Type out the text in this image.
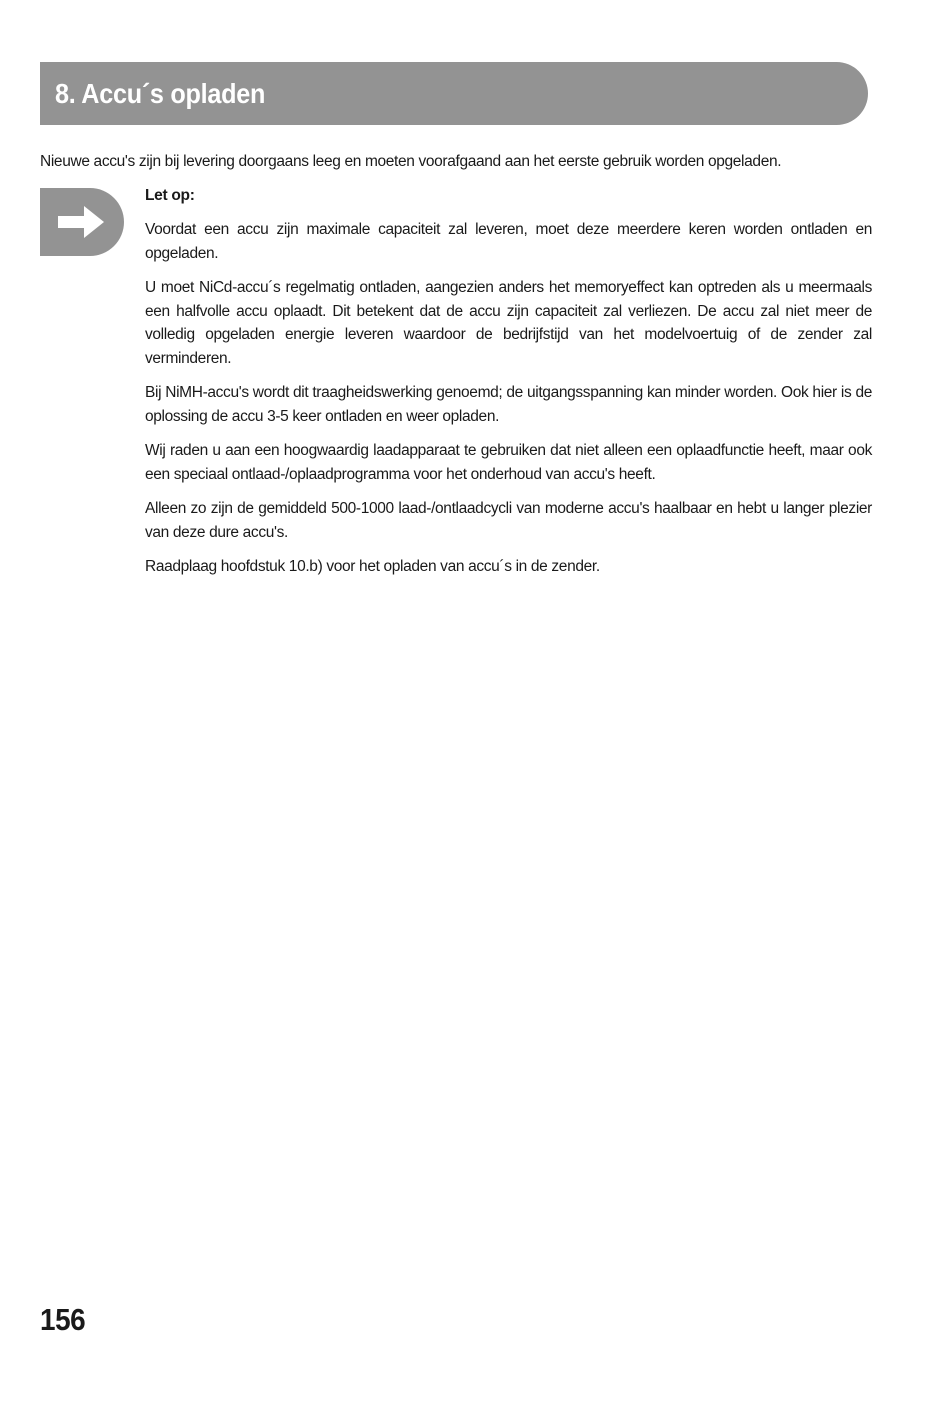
8. Accu´s opladen
Nieuwe accu's zijn bij levering doorgaans leeg en moeten voorafgaand aan het eerste gebruik worden opgeladen.
Let op:

Voordat een accu zijn maximale capaciteit zal leveren, moet deze meerdere keren worden ontladen en opgeladen.

U moet NiCd-accu´s regelmatig ontladen, aangezien anders het memoryeffect kan optreden als u meermaals een halfvolle accu oplaadt. Dit betekent dat de accu zijn capaciteit zal verliezen. De accu zal niet meer de volledig opgeladen energie leveren waardoor de bedrijfstijd van het modelvoertuig of de zender zal verminderen.

Bij NiMH-accu's wordt dit traagheidswerking genoemd; de uitgangsspanning kan minder worden. Ook hier is de oplossing de accu 3-5 keer ontladen en weer opladen.

Wij raden u aan een hoogwaardig laadapparaat te gebruiken dat niet alleen een oplaadfunctie heeft, maar ook een speciaal ontlaad-/oplaadprogramma voor het onderhoud van accu's heeft.

Alleen zo zijn de gemiddeld 500-1000 laad-/ontlaadcycli van moderne accu's haalbaar en hebt u langer plezier van deze dure accu's.

Raadplaag hoofdstuk 10.b) voor het opladen van accu´s in de zender.

156
